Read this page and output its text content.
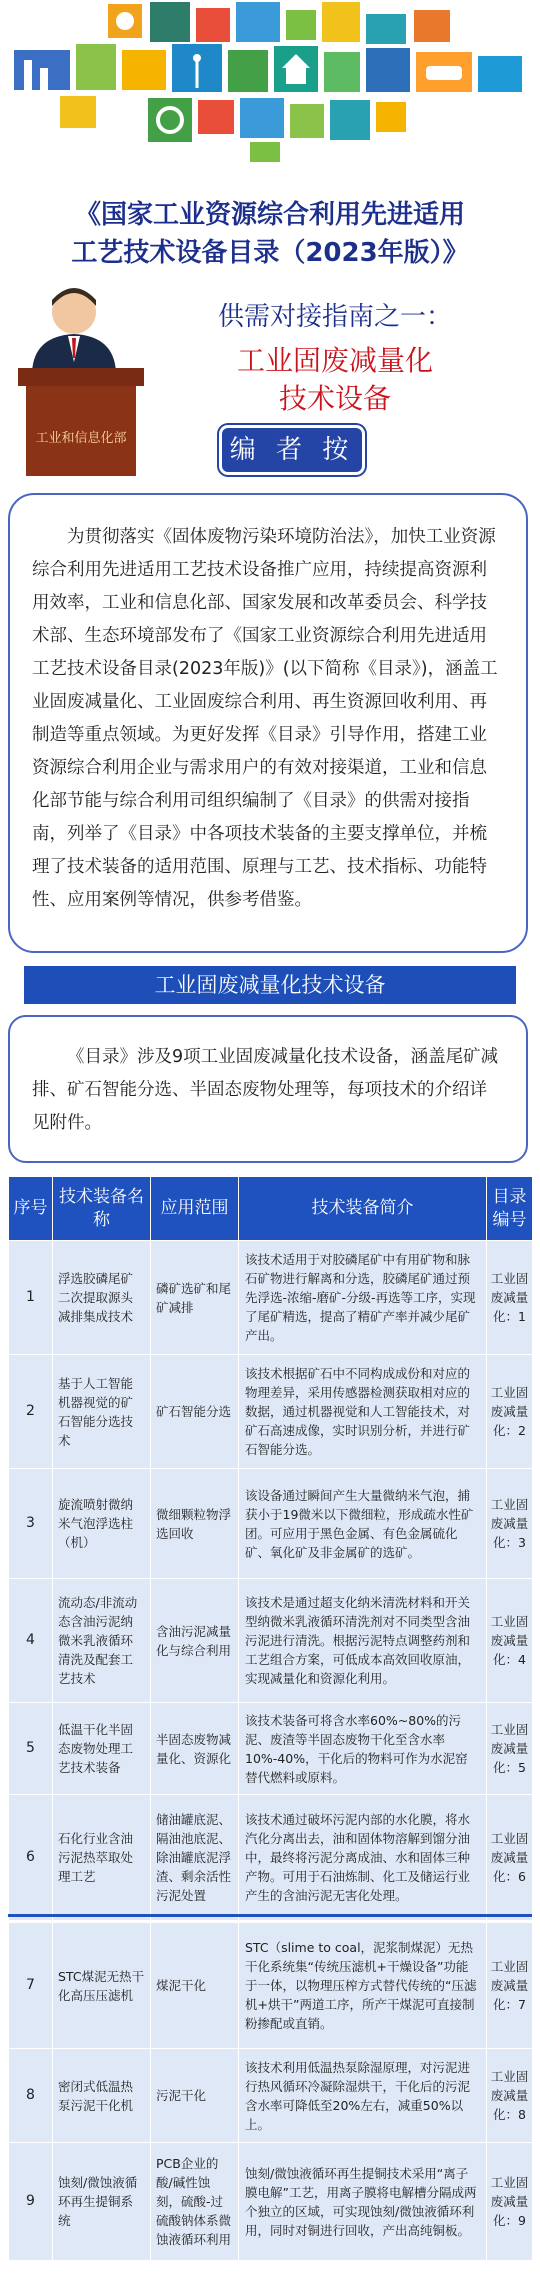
《国家工业资源综合利用先进适用
工艺技术设备目录（2023年版）》
工业和信息化部
供需对接指南之一：
工业固废减量化
技术设备
编 者 按

为贯彻落实《固体废物污染环境防治法》，加快工业资源综合利用先进适用工艺技术设备推广应用，持续提高资源利用效率，工业和信息化部、国家发展和改革委员会、科学技术部、生态环境部发布了《国家工业资源综合利用先进适用工艺技术设备目录(2023年版)》(以下简称《目录》)，涵盖工业固废减量化、工业固废综合利用、再生资源回收利用、再制造等重点领域。为更好发挥《目录》引导作用，搭建工业资源综合利用企业与需求用户的有效对接渠道，工业和信息化部节能与综合利用司组织编制了《目录》的供需对接指南，列举了《目录》中各项技术装备的主要支撑单位，并梳理了技术装备的适用范围、原理与工艺、技术指标、功能特性、应用案例等情况，供参考借鉴。

工业固废减量化技术设备

《目录》涉及9项工业固废减量化技术设备，涵盖尾矿减排、矿石智能分选、半固态废物处理等，每项技术的介绍详见附件。

序号	技术装备名称	应用范围	技术装备简介	目录编号
1	浮选胶磷尾矿二次提取源头减排集成技术	磷矿选矿和尾矿减排	该技术适用于对胶磷尾矿中有用矿物和脉石矿物进行解离和分选，胶磷尾矿通过预先浮选-浓缩-磨矿-分级-再选等工序，实现了尾矿精选，提高了精矿产率并减少尾矿产出。	工业固废减量化：1
2	基于人工智能机器视觉的矿石智能分选技术	矿石智能分选	该技术根据矿石中不同构成成份和对应的物理差异，采用传感器检测获取相对应的数据，通过机器视觉和人工智能技术，对矿石高速成像，实时识别分析，并进行矿石智能分选。	工业固废减量化：2
3	旋流喷射微纳米气泡浮选柱（机）	微细颗粒物浮选回收	该设备通过瞬间产生大量微纳米气泡，捕获小于19微米以下微细粒，形成疏水性矿团。可应用于黑色金属、有色金属硫化矿、氧化矿及非金属矿的选矿。	工业固废减量化：3
4	流动态/非流动态含油污泥纳微米乳液循环清洗及配套工艺技术	含油污泥减量化与综合利用	该技术是通过超支化纳米清洗材料和开关型纳微米乳液循环清洗剂对不同类型含油污泥进行清洗。根据污泥特点调整药剂和工艺组合方案，可低成本高效回收原油，实现减量化和资源化利用。	工业固废减量化：4
5	低温干化半固态废物处理工艺技术装备	半固态废物减量化、资源化	该技术装备可将含水率60%~80%的污泥、废渣等半固态废物干化至含水率10%-40%，干化后的物料可作为水泥窑替代燃料或原料。	工业固废减量化：5
6	石化行业含油污泥热萃取处理工艺	储油罐底泥、隔油池底泥、除油罐底泥浮渣、剩余活性污泥处置	该技术通过破坏污泥内部的水化膜，将水汽化分离出去，油和固体物溶解到馏分油中，最终将污泥分离成油、水和固体三种产物。可用于石油炼制、化工及储运行业产生的含油污泥无害化处理。	工业固废减量化：6
7	STC煤泥无热干化高压压滤机	煤泥干化	STC（slime to coal，泥浆制煤泥）无热干化系统集“传统压滤机+干燥设备”功能于一体，以物理压榨方式替代传统的“压滤机+烘干”两道工序，所产干煤泥可直接制粉掺配或直销。	工业固废减量化：7
8	密闭式低温热泵污泥干化机	污泥干化	该技术利用低温热泵除湿原理，对污泥进行热风循环冷凝除湿烘干，干化后的污泥含水率可降低至20%左右，减重50%以上。	工业固废减量化：8
9	蚀刻/微蚀液循环再生提铜系统	PCB企业的酸/碱性蚀刻，硫酸-过硫酸钠体系微蚀液循环利用	蚀刻/微蚀液循环再生提铜技术采用“离子膜电解”工艺，用离子膜将电解槽分隔成两个独立的区域，可实现蚀刻/微蚀液循环利用，同时对铜进行回收，产出高纯铜板。	工业固废减量化：9
